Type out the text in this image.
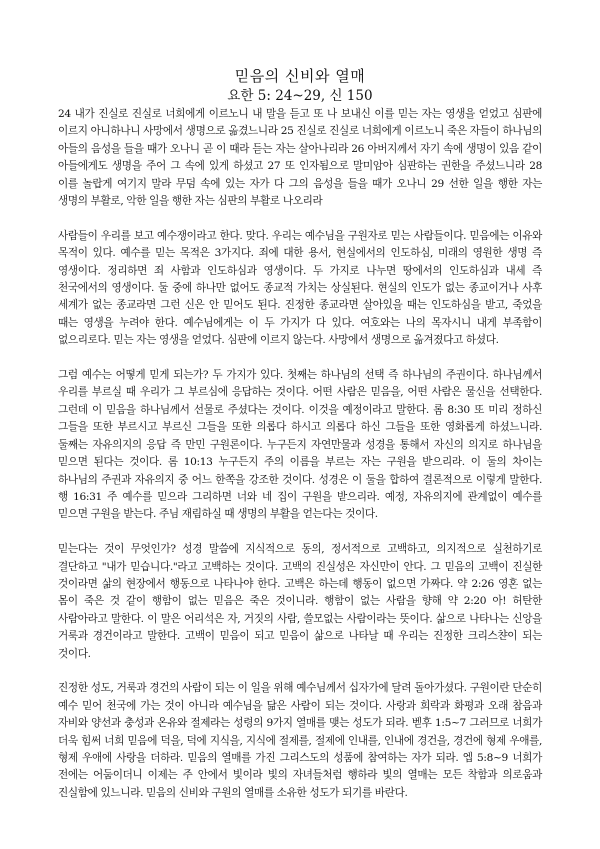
믿음의 신비와 열매
요한 5: 24~29, 신 150

24 내가 진실로 진실로 너희에게 이르노니 내 말을 듣고 또 나 보내신 이를 믿는 자는 영생을 얻었고 심판에 이르지 아니하나니 사망에서 생명으로 옮겼느니라 25 진실로 진실로 너희에게 이르노니 죽은 자들이 하나님의 아들의 음성을 들을 때가 오나니 곧 이 때라 듣는 자는 살아나리라 26 아버지께서 자기 속에 생명이 있음 같이 아들에게도 생명을 주어 그 속에 있게 하셨고 27 또 인자됨으로 말미암아 심판하는 권한을 주셨느니라 28 이를 놀랍게 여기지 말라 무덤 속에 있는 자가 다 그의 음성을 들을 때가 오나니 29 선한 일을 행한 자는 생명의 부활로, 악한 일을 행한 자는 심판의 부활로 나오리라

사람들이 우리를 보고 예수쟁이라고 한다. 맞다. 우리는 예수님을 구원자로 믿는 사람들이다. 믿음에는 이유와 목적이 있다. 예수를 믿는 목적은 3가지다. 죄에 대한 용서, 현실에서의 인도하심, 미래의 영원한 생명 즉 영생이다. 정리하면 죄 사함과 인도하심과 영생이다. 두 가지로 나누면 땅에서의 인도하심과 내세 즉 천국에서의 영생이다. 둘 중에 하나만 없어도 종교적 가치는 상실된다. 현실의 인도가 없는 종교이거나 사후 세계가 없는 종교라면 그런 신은 안 믿어도 된다. 진정한 종교라면 살아있을 때는 인도하심을 받고, 죽었을 때는 영생을 누려야 한다. 예수님에게는 이 두 가지가 다 있다. 여호와는 나의 목자시니 내게 부족함이 없으리로다. 믿는 자는 영생을 얻었다. 심판에 이르지 않는다. 사망에서 생명으로 옮겨졌다고 하셨다.

그럼 예수는 어떻게 믿게 되는가? 두 가지가 있다. 첫째는 하나님의 선택 즉 하나님의 주권이다. 하나님께서 우리를 부르실 때 우리가 그 부르심에 응답하는 것이다. 어떤 사람은 믿음을, 어떤 사람은 물신을 선택한다. 그런데 이 믿음을 하나님께서 선물로 주셨다는 것이다. 이것을 예정이라고 말한다. 롬 8:30 또 미리 정하신 그들을 또한 부르시고 부르신 그들을 또한 의롭다 하시고 의롭다 하신 그들을 또한 영화롭게 하셨느니라. 둘째는 자유의지의 응답 즉 만민 구원론이다. 누구든지 자연만물과 성경을 통해서 자신의 의지로 하나님을 믿으면 된다는 것이다. 롬 10:13 누구든지 주의 이름을 부르는 자는 구원을 받으리라. 이 둘의 차이는 하나님의 주권과 자유의지 중 어느 한쪽을 강조한 것이다. 성경은 이 둘을 합하여 결론적으로 이렇게 말한다. 행 16:31 주 예수를 믿으라 그리하면 너와 네 집이 구원을 받으리라. 예정, 자유의지에 관계없이 예수를 믿으면 구원을 받는다. 주님 재림하실 때 생명의 부활을 얻는다는 것이다.

믿는다는 것이 무엇인가? 성경 말씀에 지식적으로 동의, 정서적으로 고백하고, 의지적으로 실천하기로 결단하고 "내가 믿습니다."라고 고백하는 것이다. 고백의 진실성은 자신만이 안다. 그 믿음의 고백이 진실한 것이라면 삶의 현장에서 행동으로 나타나야 한다. 고백은 하는데 행동이 없으면 가짜다. 약 2:26 영혼 없는 몸이 죽은 것 같이 행함이 없는 믿음은 죽은 것이니라. 행함이 없는 사람을 향해 약 2:20 아! 허탄한 사람아라고 말한다. 이 말은 어리석은 자, 거짓의 사람, 쓸모없는 사람이라는 뜻이다. 삶으로 나타나는 신앙을 거룩과 경건이라고 말한다. 고백이 믿음이 되고 믿음이 삶으로 나타날 때 우리는 진정한 크리스챤이 되는 것이다.

진정한 성도, 거룩과 경건의 사람이 되는 이 일을 위해 예수님께서 십자가에 달려 돌아가셨다. 구원이란 단순히 예수 믿어 천국에 가는 것이 아니라 예수님을 닮은 사람이 되는 것이다. 사랑과 희락과 화평과 오래 참음과 자비와 양선과 충성과 온유와 절제라는 성령의 9가지 열매를 맺는 성도가 되라. 벧후 1:5~7 그러므로 너희가 더욱 힘써 너희 믿음에 덕을, 덕에 지식을, 지식에 절제를, 절제에 인내를, 인내에 경건을, 경건에 형제 우애를, 형제 우애에 사랑을 더하라. 믿음의 열매를 가진 그리스도의 성품에 참여하는 자가 되라. 엡 5:8~9 너희가 전에는 어둠이더니 이제는 주 안에서 빛이라 빛의 자녀들처럼 행하라 빛의 열매는 모든 착함과 의로움과 진실함에 있느니라. 믿음의 신비와 구원의 열매를 소유한 성도가 되기를 바란다.
